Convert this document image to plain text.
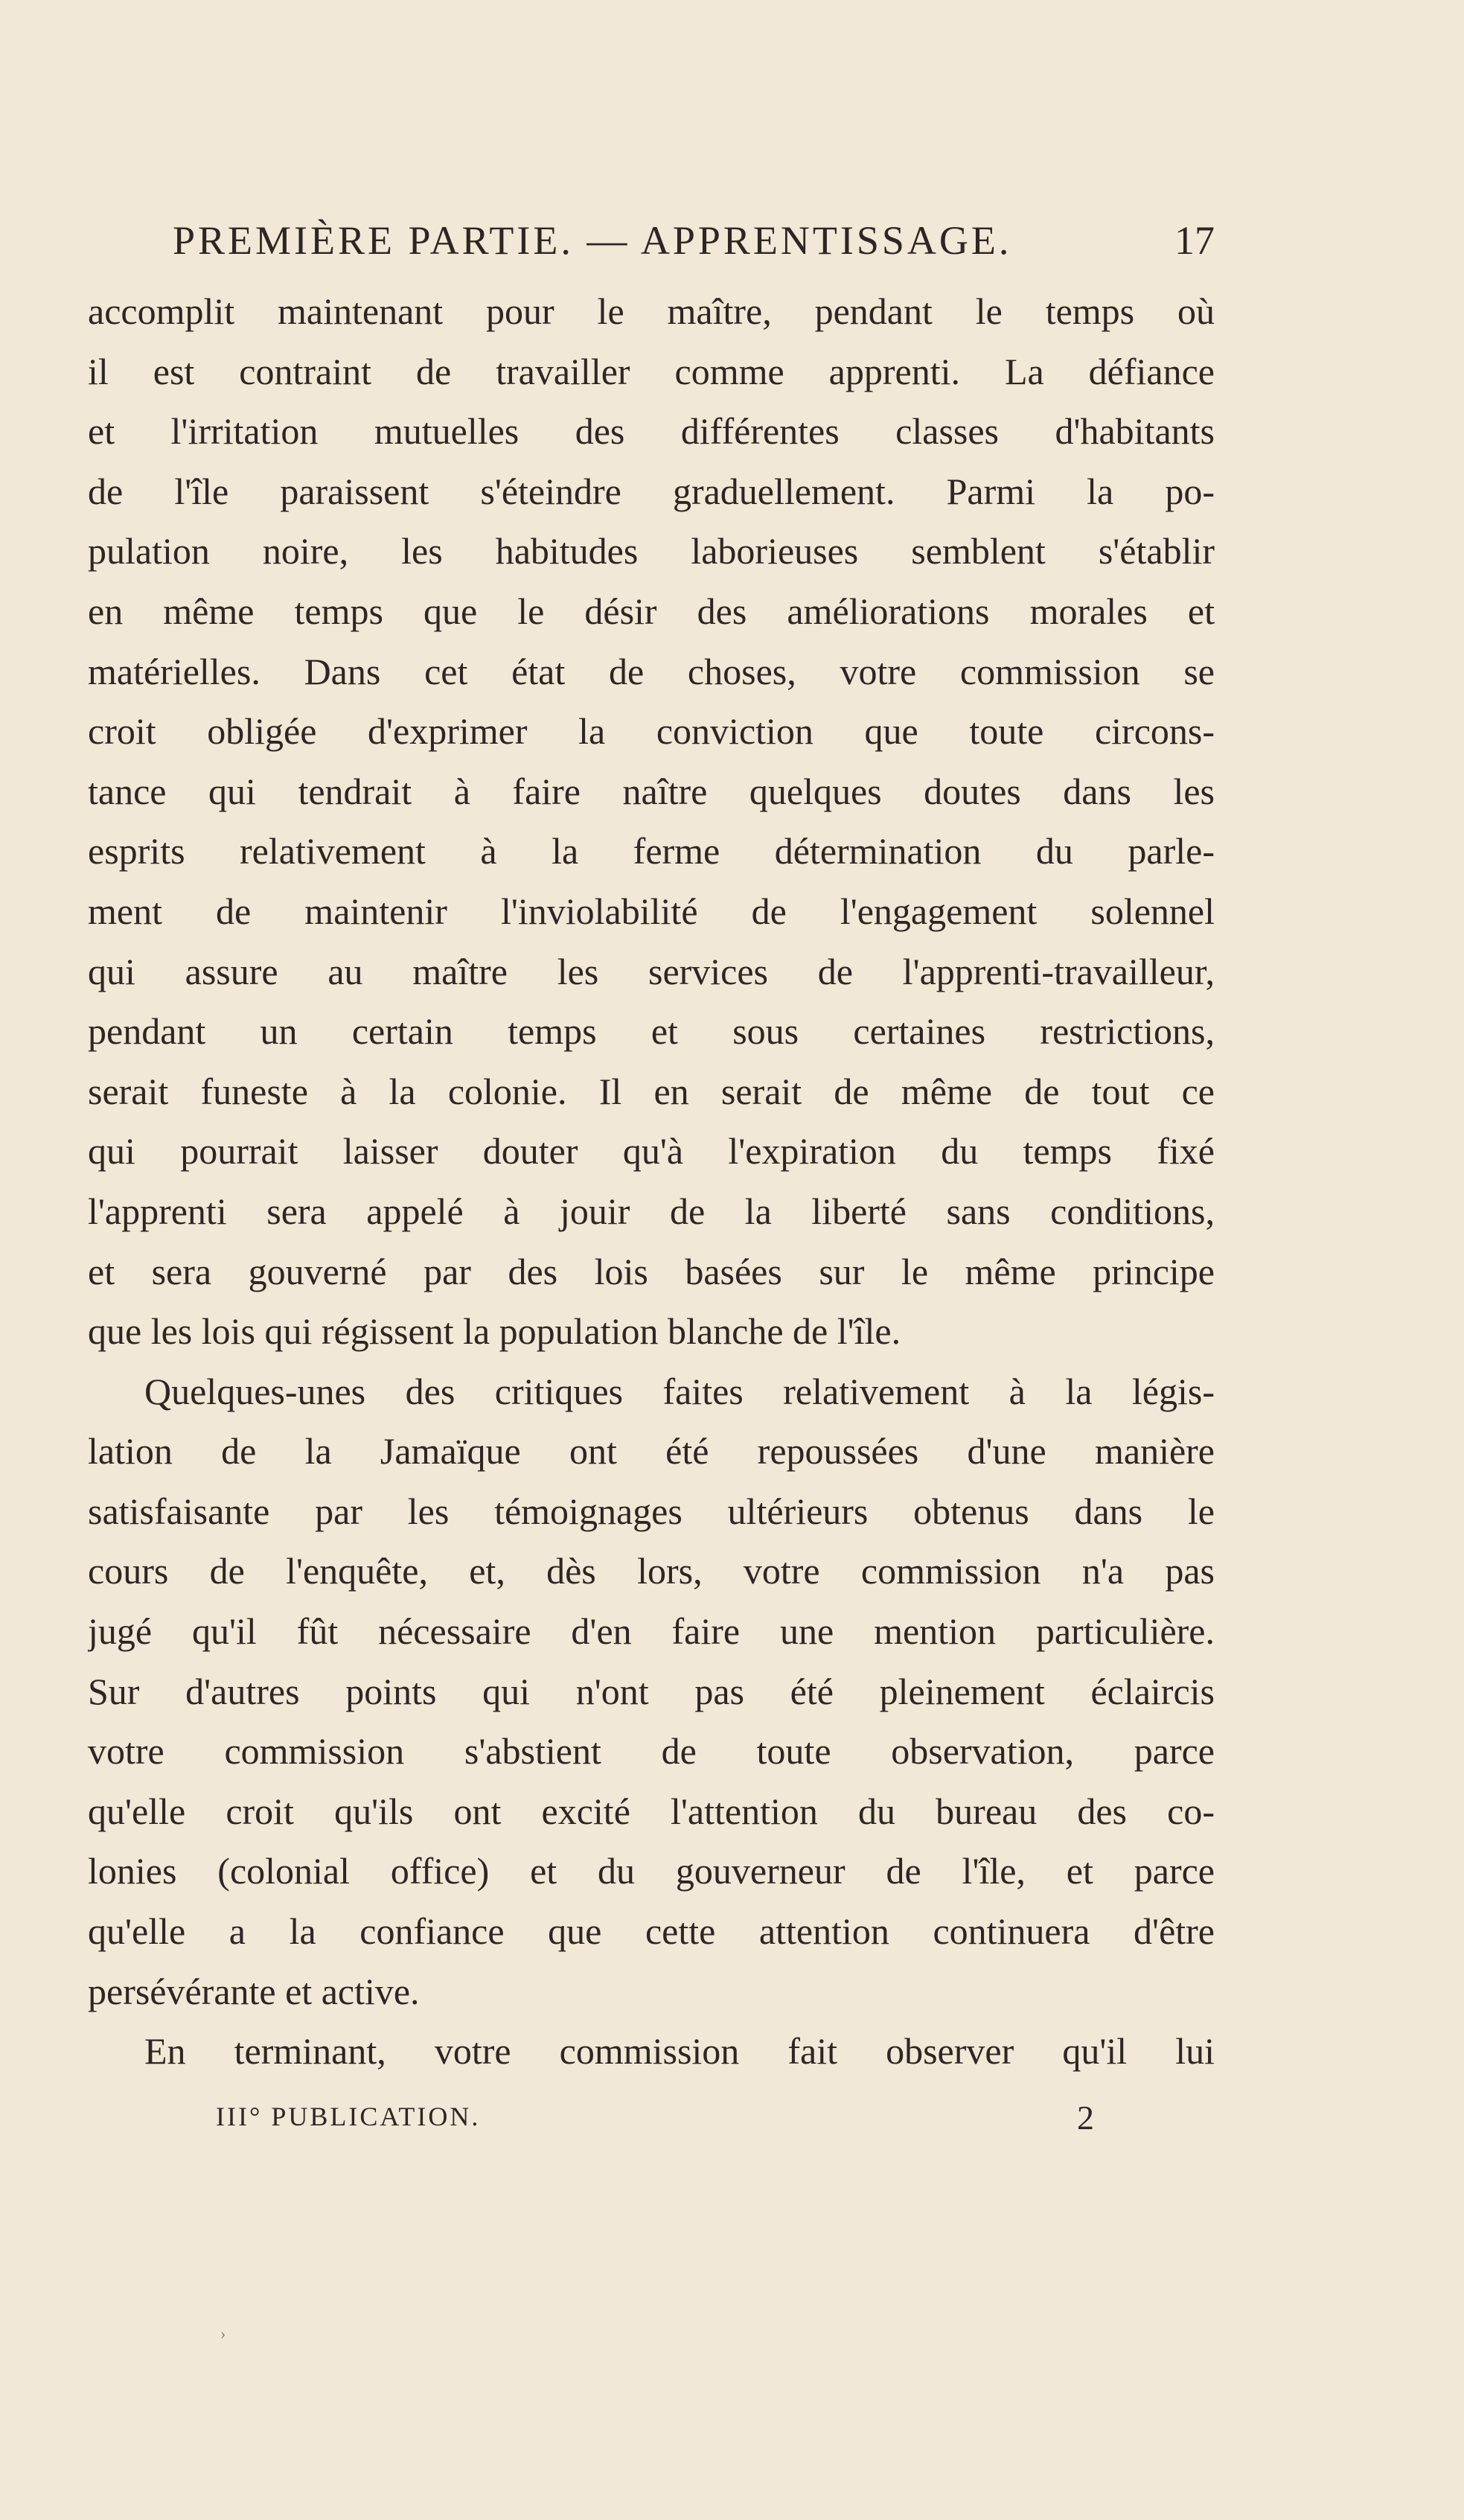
PREMIÈRE PARTIE. — APPRENTISSAGE.	17
accomplit maintenant pour le maître, pendant le temps où
il est contraint de travailler comme apprenti. La défiance
et l'irritation mutuelles des différentes classes d'habitants
de l'île paraissent s'éteindre graduellement. Parmi la po-
pulation noire, les habitudes laborieuses semblent s'établir
en même temps que le désir des améliorations morales et
matérielles. Dans cet état de choses, votre commission se
croit obligée d'exprimer la conviction que toute circons-
tance qui tendrait à faire naître quelques doutes dans les
esprits relativement à la ferme détermination du parle-
ment de maintenir l'inviolabilité de l'engagement solennel
qui assure au maître les services de l'apprenti-travailleur,
pendant un certain temps et sous certaines restrictions,
serait funeste à la colonie. Il en serait de même de tout ce
qui pourrait laisser douter qu'à l'expiration du temps fixé
l'apprenti sera appelé à jouir de la liberté sans conditions,
et sera gouverné par des lois basées sur le même principe
que les lois qui régissent la population blanche de l'île.
Quelques-unes des critiques faites relativement à la légis-
lation de la Jamaïque ont été repoussées d'une manière
satisfaisante par les témoignages ultérieurs obtenus dans le
cours de l'enquête, et, dès lors, votre commission n'a pas
jugé qu'il fût nécessaire d'en faire une mention particulière.
Sur d'autres points qui n'ont pas été pleinement éclaircis
votre commission s'abstient de toute observation, parce
qu'elle croit qu'ils ont excité l'attention du bureau des co-
lonies (colonial office) et du gouverneur de l'île, et parce
qu'elle a la confiance que cette attention continuera d'être
persévérante et active.
En terminant, votre commission fait observer qu'il lui
III° PUBLICATION.	2
›
